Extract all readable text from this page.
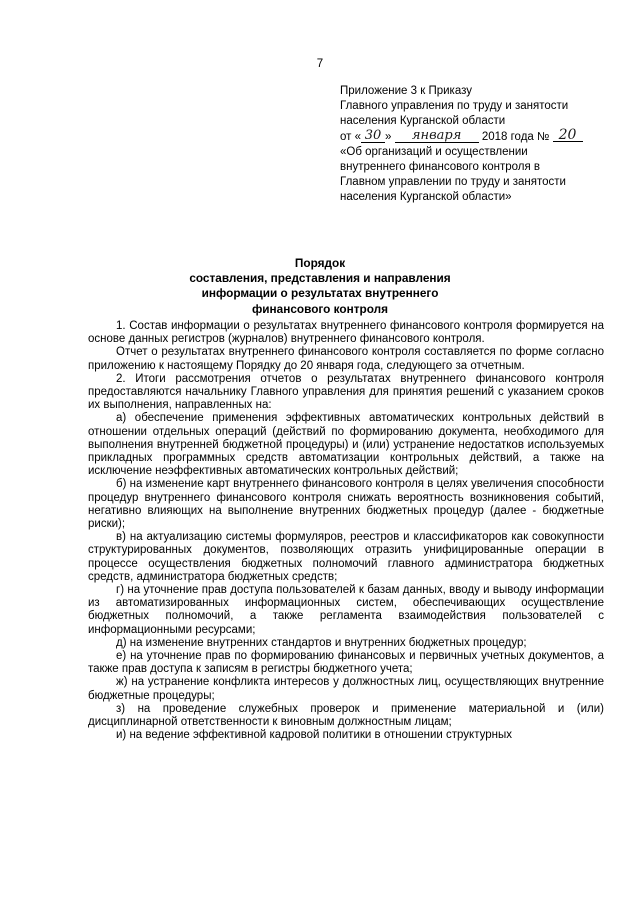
7
Приложение 3 к Приказу
Главного управления по труду и занятости
населения Курганской области
от « 30 » января 2018 года № 20
«Об организаций и осуществлении
внутреннего финансового контроля в
Главном управлении по труду и занятости
населения Курганской области»
Порядок
составления, представления и направления
информации о результатах внутреннего
финансового контроля

1. Состав информации о результатах внутреннего финансового контроля формируется на основе данных регистров (журналов) внутреннего финансового контроля.

Отчет о результатах внутреннего финансового контроля составляется по форме согласно приложению к настоящему Порядку до 20 января года, следующего за отчетным.

2. Итоги рассмотрения отчетов о результатах внутреннего финансового контроля предоставляются начальнику Главного управления для принятия решений с указанием сроков их выполнения, направленных на:

а) обеспечение применения эффективных автоматических контрольных действий в отношении отдельных операций (действий по формированию документа, необходимого для выполнения внутренней бюджетной процедуры) и (или) устранение недостатков используемых прикладных программных средств автоматизации контрольных действий, а также на исключение неэффективных автоматических контрольных действий;

б) на изменение карт внутреннего финансового контроля в целях увеличения способности процедур внутреннего финансового контроля снижать вероятность возникновения событий, негативно влияющих на выполнение внутренних бюджетных процедур (далее - бюджетные риски);

в) на актуализацию системы формуляров, реестров и классификаторов как совокупности структурированных документов, позволяющих отразить унифицированные операции в процессе осуществления бюджетных полномочий главного администратора бюджетных средств, администратора бюджетных средств;

г) на уточнение прав доступа пользователей к базам данных, вводу и выводу информации из автоматизированных информационных систем, обеспечивающих осуществление бюджетных полномочий, а также регламента взаимодействия пользователей с информационными ресурсами;

д) на изменение внутренних стандартов и внутренних бюджетных процедур;

е) на уточнение прав по формированию финансовых и первичных учетных документов, а также прав доступа к записям в регистры бюджетного учета;

ж) на устранение конфликта интересов у должностных лиц, осуществляющих внутренние бюджетные процедуры;

з) на проведение служебных проверок и применение материальной и (или) дисциплинарной ответственности к виновным должностным лицам;

и) на ведение эффективной кадровой политики в отношении структурных
